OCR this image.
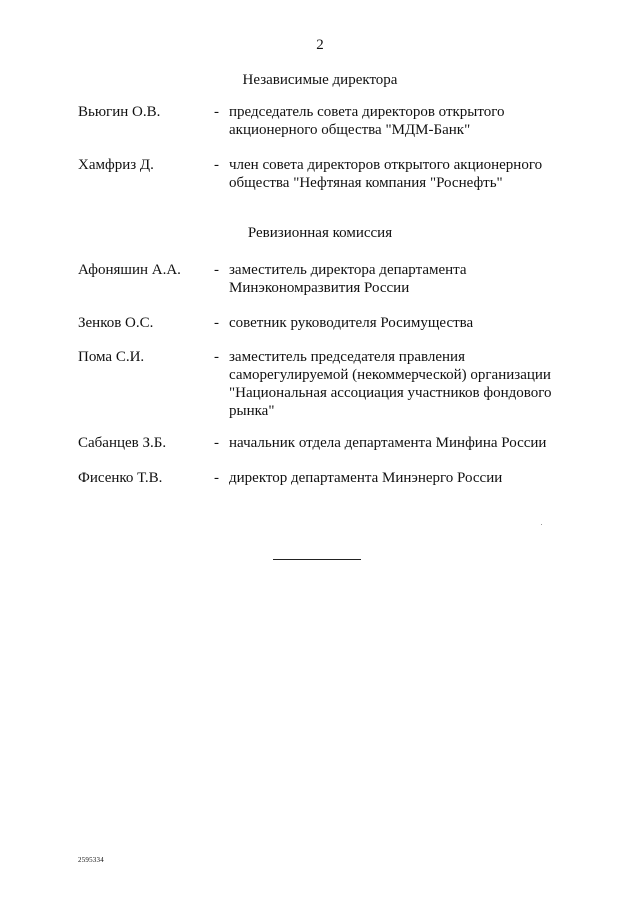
2
Независимые директора
Вьюгин О.В.	- председатель совета директоров открытого
акционерного общества "МДМ-Банк"
Хамфриз Д.	- член совета директоров открытого акционерного
общества "Нефтяная компания "Роснефть"
Ревизионная комиссия
Афоняшин А.А. - заместитель директора департамента
Минэкономразвития России
Зенков О.С.	- советник руководителя Росимущества
Пома С.И.	- заместитель председателя правления
саморегулируемой (некоммерческой) организации
"Национальная ассоциация участников фондового
рынка"
Сабанцев З.Б.	- начальник отдела департамента Минфина России
Фисенко Т.В.	- директор департамента Минэнерго России
2595334
